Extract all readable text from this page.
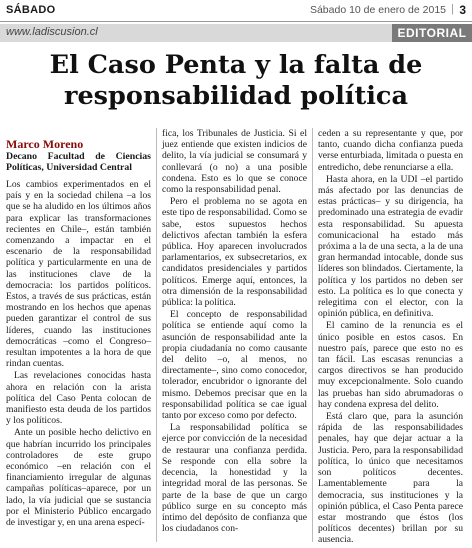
SÁBADO	Sábado 10 de enero de 2015 | 3
www.ladiscusion.cl	EDITORIAL
El Caso Penta y la falta de responsabilidad política
Marco Moreno
Decano Facultad de Ciencias Políticas, Universidad Central

Los cambios experimentados en el país y en la sociedad chilena –a los que se ha aludido en los últimos años para explicar las transformaciones recientes en Chile–, están también comenzando a impactar en el escenario de la responsabilidad política y particularmente en una de las instituciones clave de la democracia: los partidos políticos. Estos, a través de sus prácticas, están mostrando en los hechos que apenas pueden garantizar el control de sus líderes, cuando las instituciones democráticas –como el Congreso– resultan impotentes a la hora de que rindan cuentas.

Las revelaciones conocidas hasta ahora en relación con la arista política del Caso Penta colocan de manifiesto esta deuda de los partidos y los políticos.

Ante un posible hecho delictivo en que habrían incurrido los principales controladores de este grupo económico –en relación con el financiamiento irregular de algunas campañas políticas–aparece, por un lado, la vía judicial que se sustancia por el Ministerio Público encargado de investigar y, en una arena especí-

fica, los Tribunales de Justicia. Si el juez entiende que existen indicios de delito, la vía judicial se consumará y conllevará (o no) a una posible condena. Esto es lo que se conoce como la responsabilidad penal.

Pero el problema no se agota en este tipo de responsabilidad. Como se sabe, estos supuestos hechos delictivos afectan también la esfera pública. Hoy aparecen involucrados parlamentarios, ex subsecretarios, ex candidatos presidenciales y partidos políticos. Emerge aquí, entonces, la otra dimensión de la responsabilidad pública: la política.

El concepto de responsabilidad política se entiende aquí como la asunción de responsabilidad ante la propia ciudadanía no como causante del delito –o, al menos, no directamente–, sino como conocedor, tolerador, encubridor o ignorante del mismo. Debemos precisar que en la responsabilidad política se cae igual tanto por exceso como por defecto.

La responsabilidad política se ejerce por convicción de la necesidad de restaurar una confianza perdida. Se responde con ella sobre la decencia, la honestidad y la integridad moral de las personas. Se parte de la base de que un cargo público surge en su concepto más íntimo del depósito de confianza que los ciudadanos con-

ceden a su representante y que, por tanto, cuando dicha confianza pueda verse enturbiada, limitada o puesta en entredicho, debe renunciarse a ella.

Hasta ahora, en la UDI –el partido más afectado por las denuncias de estas prácticas– y su dirigencia, ha predominado una estrategia de evadir esta responsabilidad. Su apuesta comunicacional ha estado más próxima a la de una secta, a la de una gran hermandad intocable, donde sus líderes son blindados. Ciertamente, la política y los partidos no deben ser esto. La política es lo que conecta y relegitima con el elector, con la opinión pública, en definitiva.

El camino de la renuncia es el único posible en estos casos. En nuestro país, parece que esto no es tan fácil. Las escasas renuncias a cargos directivos se han producido muy excepcionalmente. Solo cuando las pruebas han sido abrumadoras o hay condena expresa del delito.

Está claro que, para la asunción rápida de las responsabilidades penales, hay que dejar actuar a la Justicia. Pero, para la responsabilidad política, lo único que necesitamos son políticos decentes. Lamentablemente para la democracia, sus instituciones y la opinión pública, el Caso Penta parece estar mostrando que éstos (los políticos decentes) brillan por su ausencia.
